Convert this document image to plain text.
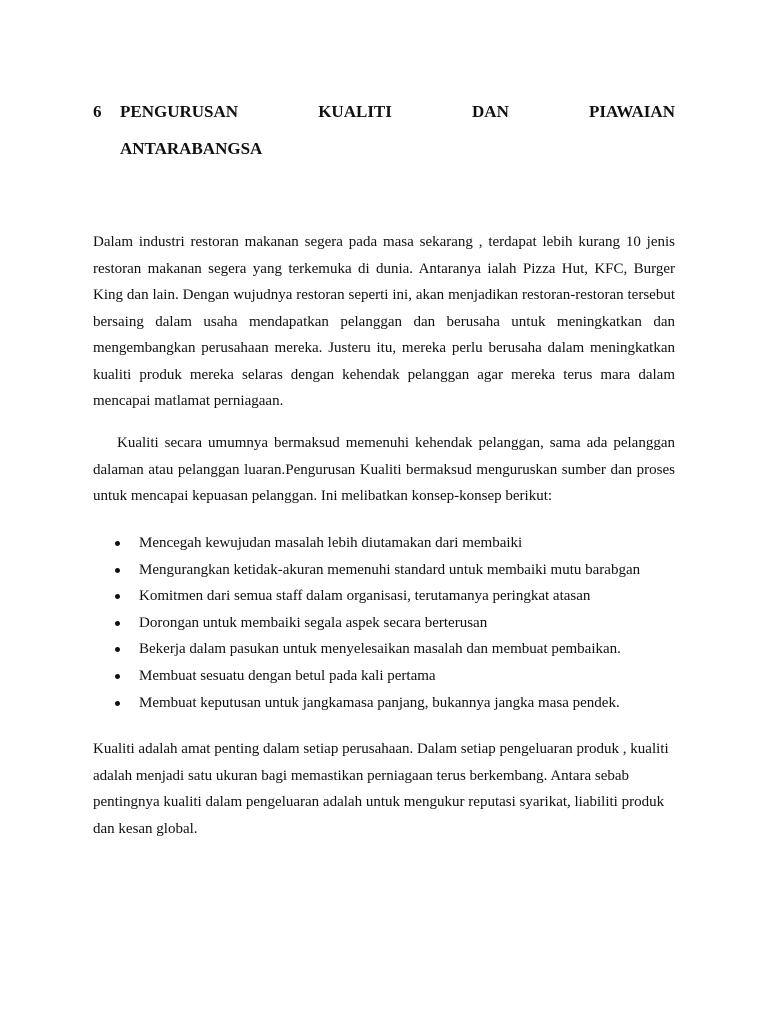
6 PENGURUSAN	KUALITI	DAN	PIAWAIAN
ANTARABANGSA

Dalam industri restoran makanan segera pada masa sekarang , terdapat lebih kurang 10 jenis restoran makanan segera yang terkemuka di dunia. Antaranya ialah Pizza Hut, KFC, Burger King dan lain. Dengan wujudnya restoran seperti ini, akan menjadikan restoran-restoran tersebut bersaing dalam usaha mendapatkan pelanggan dan berusaha untuk meningkatkan dan mengembangkan perusahaan mereka. Justeru itu, mereka perlu berusaha dalam meningkatkan kualiti produk mereka selaras dengan kehendak pelanggan agar mereka terus mara dalam mencapai matlamat perniagaan.

Kualiti secara umumnya bermaksud memenuhi kehendak pelanggan, sama ada pelanggan dalaman atau pelanggan luaran.Pengurusan Kualiti bermaksud menguruskan sumber dan proses untuk mencapai kepuasan pelanggan. Ini melibatkan konsep-konsep berikut:

Mencegah kewujudan masalah lebih diutamakan dari membaiki
Mengurangkan ketidak-akuran memenuhi standard untuk membaiki mutu barabgan
Komitmen dari semua staff dalam organisasi, terutamanya peringkat atasan
Dorongan untuk membaiki segala aspek secara berterusan
Bekerja dalam pasukan untuk menyelesaikan masalah dan membuat pembaikan.
Membuat sesuatu dengan betul pada kali pertama
Membuat keputusan untuk jangkamasa panjang, bukannya jangka masa pendek.

Kualiti adalah amat penting dalam setiap perusahaan. Dalam setiap pengeluaran produk , kualiti adalah menjadi satu ukuran bagi memastikan perniagaan terus berkembang. Antara sebab pentingnya kualiti dalam pengeluaran adalah untuk mengukur reputasi syarikat, liabiliti produk dan kesan global.
